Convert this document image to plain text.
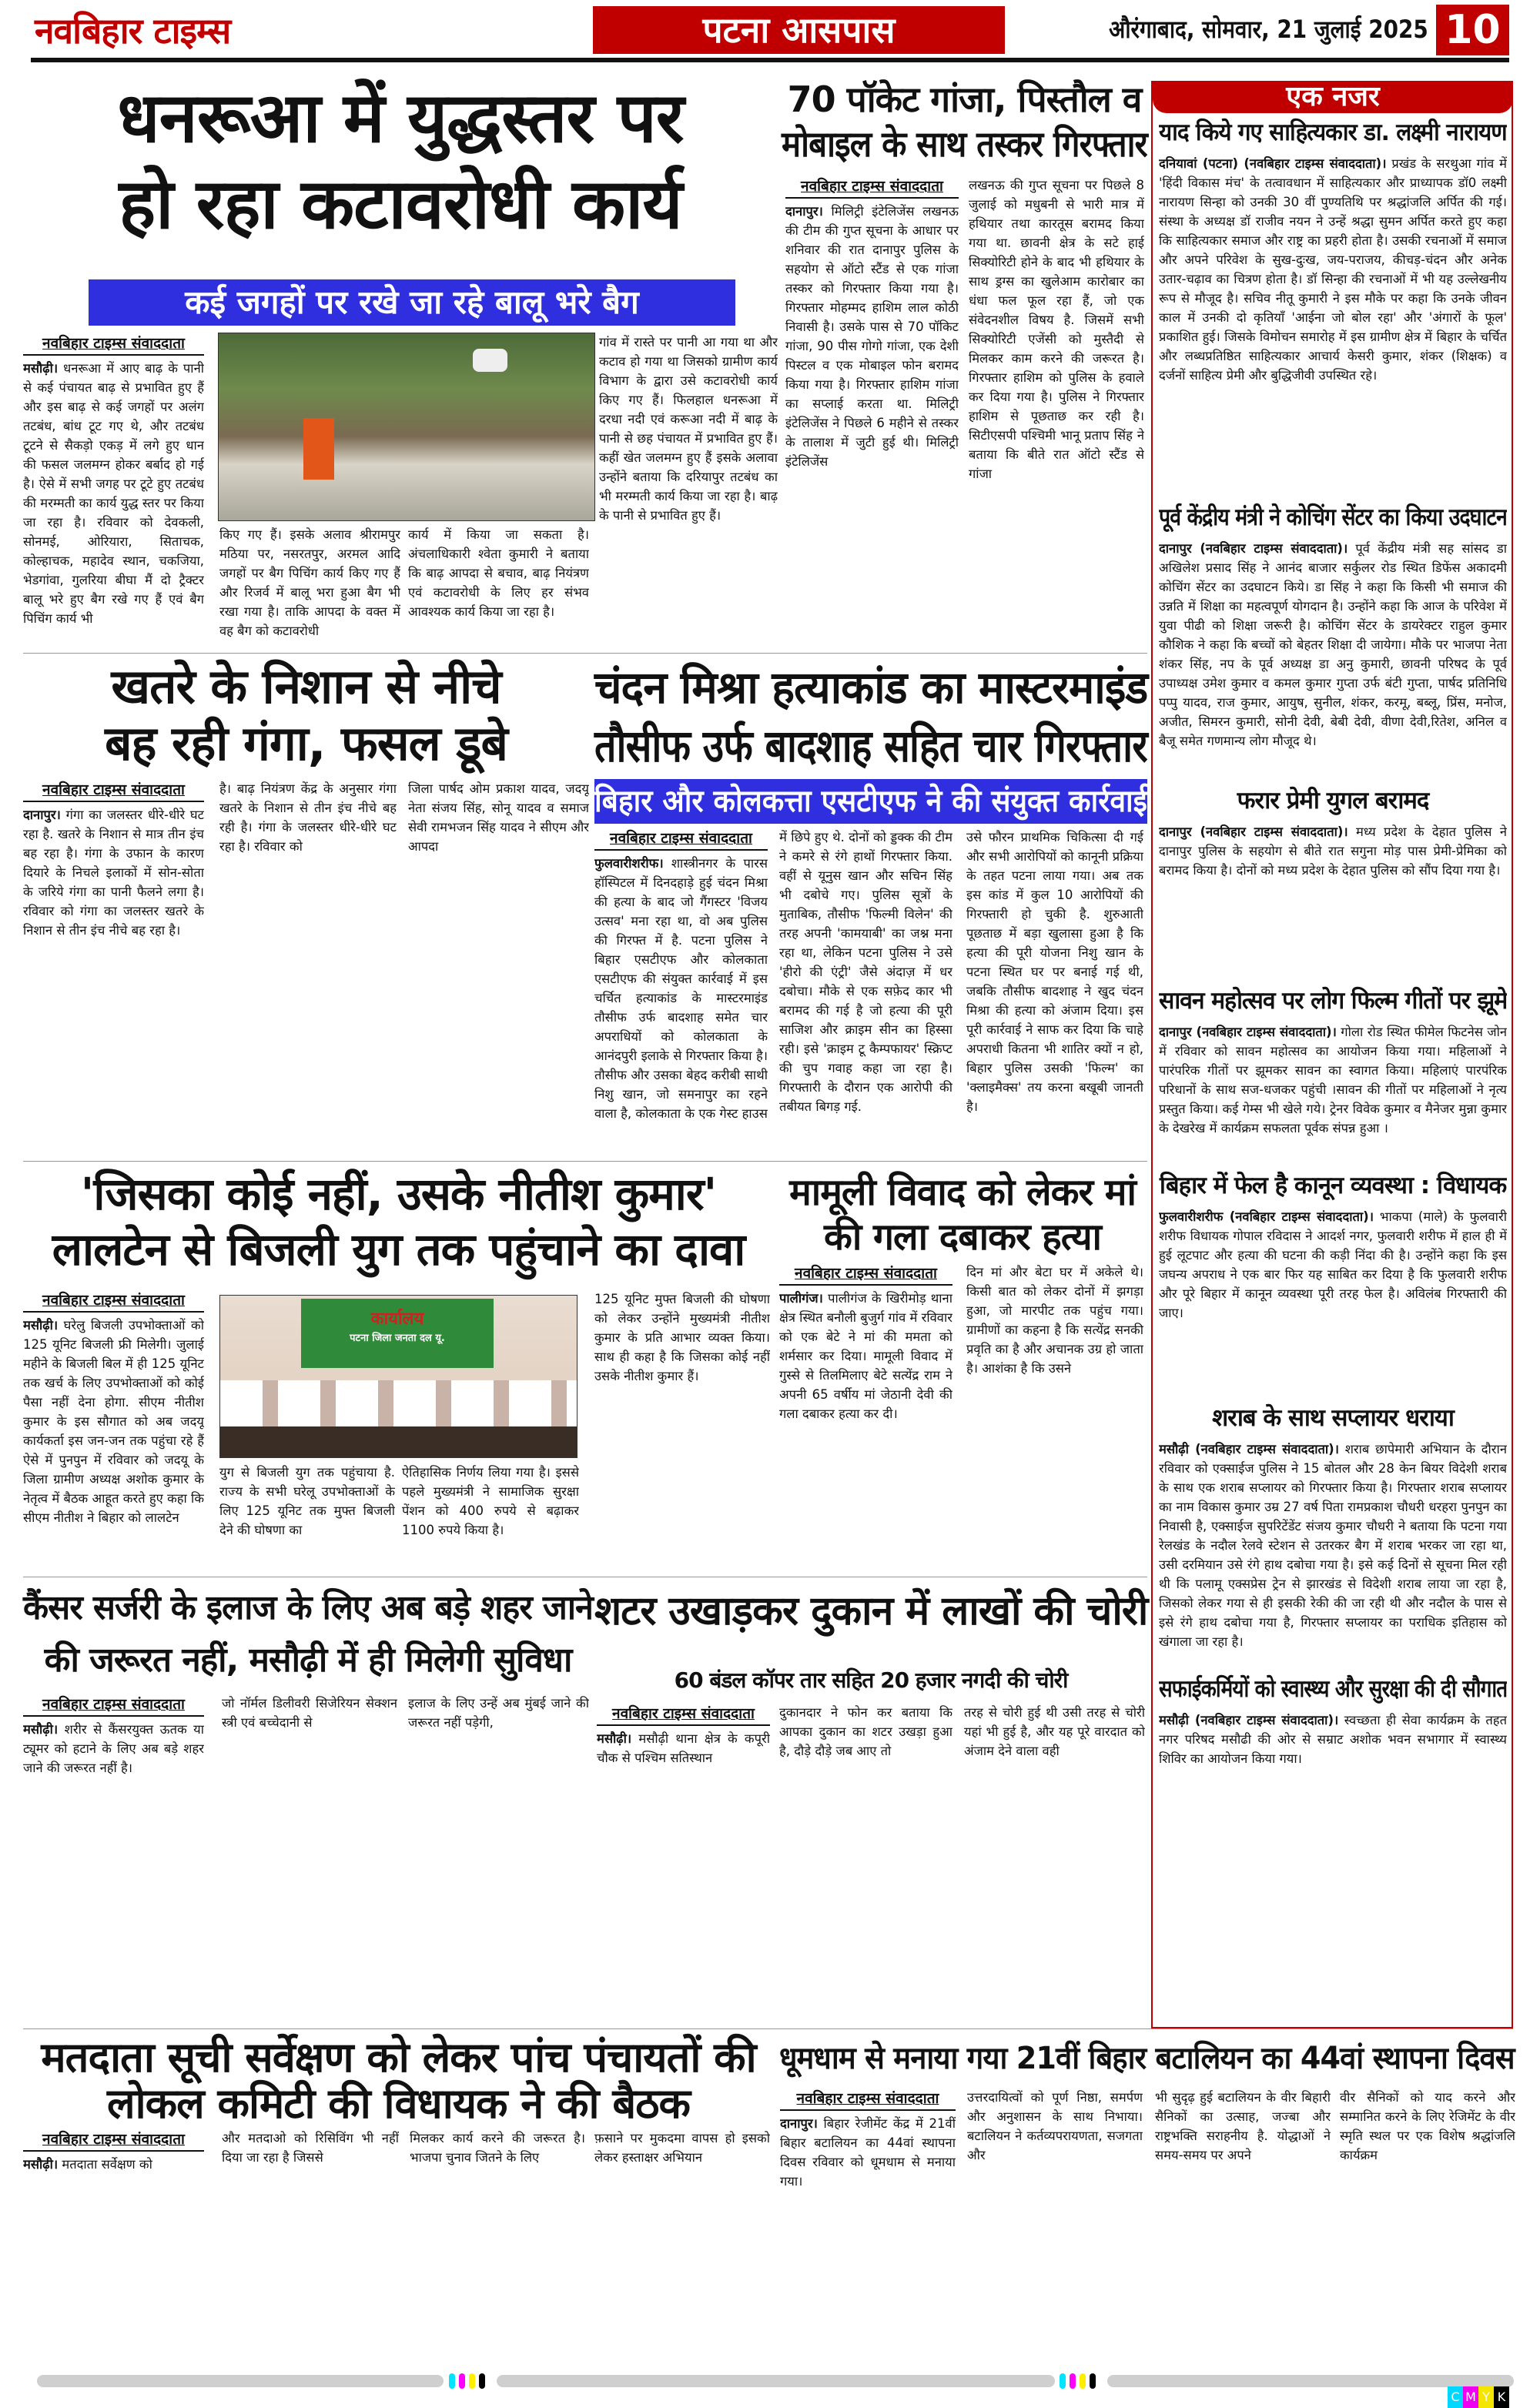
नवबिहार टाइम्स	पटना आसपास	औरंगाबाद, सोमवार, 21 जुलाई 2025 10
धनरूआ में युद्धस्तर पर
हो रहा कटावरोधी कार्य
कई जगहों पर रखे जा रहे बालू भरे बैग
नवबिहार टाइम्स संवाददाता
मसौढ़ी। धनरूआ में आए बाढ़ के पानी से कई पंचायत बाढ़ से प्रभावित हुए हैं और इस बाढ़ से कई जगहों पर अलंग तटबंध, बांध टूट गए थे, और तटबंध टूटने से सैकड़ो एकड़ में लगे हुए धान की फसल जलमग्न होकर बर्बाद हो गई है। ऐसे में सभी जगह पर टूटे हुए तटबंध की मरम्मती का कार्य युद्ध स्तर पर किया जा रहा है। रविवार को देवकली, सोनमई, ओरियारा, सिताचक, कोल्हाचक, महादेव स्थान, चकजिया, भेडगांवा, गुलरिया बीघा मैं दो ट्रैक्टर बालू भरे हुए बैग रखे गए हैं एवं बैग पिचिंग कार्य भी
किए गए हैं। इसके अलाव श्रीरामपुर मठिया पर, नसरतपुर, अरमल आदि जगहों पर बैग पिचिंग कार्य किए गए हैं और रिजर्व में बालू भरा हुआ बैग भी रखा गया है। ताकि आपदा के वक्त में वह बैग को कटावरोधी
कार्य में किया जा सकता है। अंचलाधिकारी श्वेता कुमारी ने बताया कि बाढ़ आपदा से बचाव, बाढ़ नियंत्रण एवं कटावरोधी के लिए हर संभव आवश्यक कार्य किया जा रहा है।
गांव में रास्ते पर पानी आ गया था और कटाव हो गया था जिसको ग्रामीण कार्य विभाग के द्वारा उसे कटावरोधी कार्य किए गए हैं। फिलहाल धनरूआ में दरधा नदी एवं करूआ नदी में बाढ़ के पानी से छह पंचायत में प्रभावित हुए हैं। कहीं खेत जलमग्न हुए हैं इसके अलावा उन्होंने बताया कि दरियापुर तटबंध का भी मरम्मती कार्य किया जा रहा है। बाढ़ के पानी से प्रभावित हुए हैं।
70 पॉकेट गांजा, पिस्तौल व
मोबाइल के साथ तस्कर गिरफ्तार
नवबिहार टाइम्स संवाददाता
दानापुर। मिलिट्री इंटेलिजेंस लखनऊ की टीम की गुप्त सूचना के आधार पर शनिवार की रात दानापुर पुलिस के सहयोग से ऑटो स्टैंड से एक गांजा तस्कर को गिरफ्तार किया गया है। गिरफ्तार मोहम्मद हाशिम लाल कोठी निवासी है। उसके पास से 70 पॉकिट गांजा, 90 पीस गोगो गांजा, एक देशी पिस्टल व एक मोबाइल फोन बरामद किया गया है। गिरफ्तार हाशिम गांजा का सप्लाई करता था. मिलिट्री इंटेलिजेंस ने पिछले 6 महीने से तस्कर के तालाश में जुटी हुई थी। मिलिट्री इंटेलिजेंस
लखनऊ की गुप्त सूचना पर पिछले 8 जुलाई को मधुबनी से भारी मात्र में हथियार तथा कारतूस बरामद किया गया था. छावनी क्षेत्र के सटे हाई सिक्योरिटी होने के बाद भी हथियार के साथ ड्रग्स का खुलेआम कारोबार का धंधा फल फूल रहा हैं, जो एक संवेदनशील विषय है. जिसमें सभी सिक्योरिटी एजेंसी को मुस्तैदी से मिलकर काम करने की जरूरत है। गिरफ्तार हाशिम को पुलिस के हवाले कर दिया गया है। पुलिस ने गिरफ्तार हाशिम से पूछताछ कर रही है। सिटीएसपी पश्चिमी भानू प्रताप सिंह ने बताया कि बीते रात ऑटो स्टैंड से गांजा
खतरे के निशान से नीचे
बह रही गंगा, फसल डूबे
नवबिहार टाइम्स संवाददाता
दानापुर। गंगा का जलस्तर धीरे-धीरे घट रहा है. खतरे के निशान से मात्र तीन इंच बह रहा है। गंगा के उफान के कारण दियारे के निचले इलाकों में सोन-सोता के जरिये गंगा का पानी फैलने लगा है। रविवार को गंगा का जलस्तर खतरे के निशान से तीन इंच नीचे बह रहा है।
है। बाढ़ नियंत्रण केंद्र के अनुसार गंगा खतरे के निशान से तीन इंच नीचे बह रही है। गंगा के जलस्तर धीरे-धीरे घट रहा है। रविवार को
जिला पार्षद ओम प्रकाश यादव, जदयू नेता संजय सिंह, सोनू यादव व समाज सेवी रामभजन सिंह यादव ने सीएम और आपदा
चंदन मिश्रा हत्याकांड का मास्टरमाइंड
तौसीफ उर्फ बादशाह सहित चार गिरफ्तार
बिहार और कोलकत्ता एसटीएफ ने की संयुक्त कार्रवाई
नवबिहार टाइम्स संवाददाता
फुलवारीशरीफ। शास्त्रीनगर के पारस हॉस्पिटल में दिनदहाड़े हुई चंदन मिश्रा की हत्या के बाद जो गैंगस्टर 'विजय उत्सव' मना रहा था, वो अब पुलिस की गिरफ्त में है. पटना पुलिस ने बिहार एसटीएफ और कोलकाता एसटीएफ की संयुक्त कार्रवाई में इस चर्चित हत्याकांड के मास्टरमाइंड तौसीफ उर्फ बादशाह समेत चार अपराधियों को कोलकाता के आनंदपुरी इलाके से गिरफ्तार किया है। तौसीफ और उसका बेहद करीबी साथी निशु खान, जो समनापुर का रहने वाला है, कोलकाता के एक गेस्ट हाउस
में छिपे हुए थे. दोनों को ड्डक्क की टीम ने कमरे से रंगे हाथों गिरफ्तार किया. वहीं से यूनुस खान और सचिन सिंह भी दबोचे गए। पुलिस सूत्रों के मुताबिक, तौसीफ 'फिल्मी विलेन' की तरह अपनी 'कामयाबी' का जश्न मना रहा था, लेकिन पटना पुलिस ने उसे 'हीरो की एंट्री' जैसे अंदाज़ में धर दबोचा। मौके से एक सफ़ेद कार भी बरामद की गई है जो हत्या की पूरी साजिश और क्राइम सीन का हिस्सा रही। इसे 'क्राइम टू कैम्पफायर' स्क्रिप्ट की चुप गवाह कहा जा रहा है। गिरफ्तारी के दौरान एक आरोपी की तबीयत बिगड़ गई.
उसे फौरन प्राथमिक चिकित्सा दी गई और सभी आरोपियों को कानूनी प्रक्रिया के तहत पटना लाया गया। अब तक इस कांड में कुल 10 आरोपियों की गिरफ्तारी हो चुकी है. शुरुआती पूछताछ में बड़ा खुलासा हुआ है कि हत्या की पूरी योजना निशु खान के पटना स्थित घर पर बनाई गई थी, जबकि तौसीफ बादशाह ने खुद चंदन मिश्रा की हत्या को अंजाम दिया। इस पूरी कार्रवाई ने साफ कर दिया कि चाहे अपराधी कितना भी शातिर क्यों न हो, बिहार पुलिस उसकी 'फिल्म' का 'क्लाइमैक्स' तय करना बखूबी जानती है।
'जिसका कोई नहीं, उसके नीतीश कुमार'
लालटेन से बिजली युग तक पहुंचाने का दावा
नवबिहार टाइम्स संवाददाता
मसौढ़ी। घरेलु बिजली उपभोक्ताओं को 125 यूनिट बिजली फ्री मिलेगी। जुलाई महीने के बिजली बिल में ही 125 यूनिट तक खर्च के लिए उपभोक्ताओं को कोई पैसा नहीं देना होगा. सीएम नीतीश कुमार के इस सौगात को अब जदयू कार्यकर्ता इस जन-जन तक पहुंचा रहे हैं ऐसे में पुनपुन में रविवार को जदयू के जिला ग्रामीण अध्यक्ष अशोक कुमार के नेतृत्व में बैठक आहूत करते हुए कहा कि सीएम नीतीश ने बिहार को लालटेन
कार्यालय
पटना जिला जनता दल यू.
युग से बिजली युग तक पहुंचाया है. राज्य के सभी घरेलू उपभोक्ताओं के लिए 125 यूनिट तक मुफ्त बिजली देने की घोषणा का
ऐतिहासिक निर्णय लिया गया है। इससे पहले मुख्यमंत्री ने सामाजिक सुरक्षा पेंशन को 400 रुपये से बढ़ाकर 1100 रुपये किया है।
125 यूनिट मुफ्त बिजली की घोषणा को लेकर उन्होंने मुख्यमंत्री नीतीश कुमार के प्रति आभार व्यक्त किया। साथ ही कहा है कि जिसका कोई नहीं उसके नीतीश कुमार हैं।
मामूली विवाद को लेकर मां
की गला दबाकर हत्या
नवबिहार टाइम्स संवाददाता
पालीगंज। पालीगंज के खिरीमोड़ थाना क्षेत्र स्थित बनौली बुजुर्ग गांव में रविवार को एक बेटे ने मां की ममता को शर्मसार कर दिया। मामूली विवाद में गुस्से से तिलमिलाए बेटे सत्येंद्र राम ने अपनी 65 वर्षीय मां जेठानी देवी की गला दबाकर हत्या कर दी।
दिन मां और बेटा घर में अकेले थे। किसी बात को लेकर दोनों में झगड़ा हुआ, जो मारपीट तक पहुंच गया। ग्रामीणों का कहना है कि सत्येंद्र सनकी प्रवृति का है और अचानक उग्र हो जाता है। आशंका है कि उसने
कैंसर सर्जरी के इलाज के लिए अब बड़े शहर जाने
की जरूरत नहीं, मसौढ़ी में ही मिलेगी सुविधा
नवबिहार टाइम्स संवाददाता
मसौढ़ी। शरीर से कैंसरयुक्त ऊतक या ट्यूमर को हटाने के लिए अब बड़े शहर जाने की जरूरत नहीं है।
जो नॉर्मल डिलीवरी सिजेरियन सेक्शन स्त्री एवं बच्चेदानी से
इलाज के लिए उन्हें अब मुंबई जाने की जरूरत नहीं पड़ेगी,
शटर उखाड़कर दुकान में लाखों की चोरी
60 बंडल कॉपर तार सहित 20 हजार नगदी की चोरी
नवबिहार टाइम्स संवाददाता
मसौढ़ी। मसौढ़ी थाना क्षेत्र के कपूरी चौक से पश्चिम सतिस्थान
दुकानदार ने फोन कर बताया कि आपका दुकान का शटर उखड़ा हुआ है, दौड़े दौड़े जब आए तो
तरह से चोरी हुई थी उसी तरह से चोरी यहां भी हुई है, और यह पूरे वारदात को अंजाम देने वाला वही
एक नजर
याद किये गए साहित्यकार डा. लक्ष्मी नारायण

दनियावां (पटना) (नवबिहार टाइम्स संवाददाता)। प्रखंड के सरथुआ गांव में 'हिंदी विकास मंच' के तत्वावधान में साहित्यकार और प्राध्यापक डॉ0 लक्ष्मी नारायण सिन्हा को उनकी 30 वीं पुण्यतिथि पर श्रद्धांजलि अर्पित की गई।संस्था के अध्यक्ष डॉ राजीव नयन ने उन्हें श्रद्धा सुमन अर्पित करते हुए कहा कि साहित्यकार समाज और राष्ट्र का प्रहरी होता है। उसकी रचनाओं में समाज और अपने परिवेश के सुख-दुःख, जय-पराजय, कीचड़-चंदन और अनेक उतार-चढ़ाव का चित्रण होता है। डॉ सिन्हा की रचनाओं में भी यह उल्लेखनीय रूप से मौजूद है। सचिव नीतू कुमारी ने इस मौके पर कहा कि उनके जीवन काल में उनकी दो कृतियाँ 'आईना जो बोल रहा' और 'अंगारों के फूल' प्रकाशित हुई। जिसके विमोचन समारोह में इस ग्रामीण क्षेत्र में बिहार के चर्चित और लब्धप्रतिष्ठित साहित्यकार आचार्य केसरी कुमार, शंकर (शिक्षक) व दर्जनों साहित्य प्रेमी और बुद्धिजीवी उपस्थित रहे।

पूर्व केंद्रीय मंत्री ने कोचिंग सेंटर का किया उदघाटन

दानापुर (नवबिहार टाइम्स संवाददाता)। पूर्व केंद्रीय मंत्री सह सांसद डा अखिलेश प्रसाद सिंह ने आनंद बाजार सर्कुलर रोड स्थित डिफेंस अकादमी कोचिंग सेंटर का उदघाटन किये। डा सिंह ने कहा कि किसी भी समाज की उन्नति में शिक्षा का महत्वपूर्ण योगदान है। उन्होंने कहा कि आज के परिवेश में युवा पीढी को शिक्षा जरूरी है। कोचिंग सेंटर के डायरेक्टर राहुल कुमार कौशिक ने कहा कि बच्चों को बेहतर शिक्षा दी जायेगा। मौके पर भाजपा नेता शंकर सिंह, नप के पूर्व अध्यक्ष डा अनु कुमारी, छावनी परिषद के पूर्व उपाध्यक्ष उमेश कुमार व कमल कुमार गुप्ता उर्फ बंटी गुप्ता, पार्षद प्रतिनिधि पप्पु यादव, राज कुमार, आयुष, सुनील, शंकर, करमू, बब्लू, प्रिंस, मनोज, अजीत, सिमरन कुमारी, सोनी देवी, बेबी देवी, वीणा देवी,रितेश, अनिल व बैजू समेत गणमान्य लोग मौजूद थे।

फरार प्रेमी युगल बरामद

दानापुर (नवबिहार टाइम्स संवाददाता)। मध्य प्रदेश के देहात पुलिस ने दानापुर पुलिस के सहयोग से बीते रात सगुना मोड़ पास प्रेमी-प्रेमिका को बरामद किया है। दोनों को मध्य प्रदेश के देहात पुलिस को सौंप दिया गया है।

सावन महोत्सव पर लोग फिल्म गीतों पर झूमे

दानापुर (नवबिहार टाइम्स संवाददाता)। गोला रोड स्थित फीमेल फिटनेस जोन में रविवार को सावन महोत्सव का आयोजन किया गया। महिलाओं ने पारंपरिक गीतों पर झूमकर सावन का स्वागत किया। महिलाएं पारपंरिक परिधानों के साथ सज-धजकर पहुंची ।सावन की गीतों पर महिलाओं ने नृत्य प्रस्तुत किया। कई गेम्स भी खेले गये। ट्रेनर विवेक कुमार व मैनेजर मुन्ना कुमार के देखरेख में कार्यक्रम सफलता पूर्वक संपन्न हुआ ।

बिहार में फेल है कानून व्यवस्था : विधायक

फुलवारीशरीफ (नवबिहार टाइम्स संवाददाता)। भाकपा (माले) के फुलवारी शरीफ विधायक गोपाल रविदास ने आदर्श नगर, फुलवारी शरीफ में हाल ही में हुई लूटपाट और हत्या की घटना की कड़ी निंदा की है। उन्होंने कहा कि इस जघन्य अपराध ने एक बार फिर यह साबित कर दिया है कि फुलवारी शरीफ और पूरे बिहार में कानून व्यवस्था पूरी तरह फेल है। अविलंब गिरफ्तारी की जाए।

शराब के साथ सप्लायर धराया

मसौढ़ी (नवबिहार टाइम्स संवाददाता)। शराब छापेमारी अभियान के दौरान रविवार को एक्साईज पुलिस ने 15 बोतल और 28 केन बियर विदेशी शराब के साथ एक शराब सप्लायर को गिरफ्तार किया है। गिरफ्तार शराब सप्लायर का नाम विकास कुमार उम्र 27 वर्ष पिता रामप्रकाश चौधरी धरहरा पुनपुन का निवासी है, एक्साईज सुपरिटेंडेंट संजय कुमार चौधरी ने बताया कि पटना गया रेलखंड के नदौल रेलवे स्टेशन से उतरकर बैग में शराब भरकर जा रहा था, उसी दरमियान उसे रंगे हाथ दबोचा गया है। इसे कई दिनों से सूचना मिल रही थी कि पलामू एक्सप्रेस ट्रेन से झारखंड से विदेशी शराब लाया जा रहा है, जिसको लेकर गया से ही इसकी रेकी की जा रही थी और नदौल के पास से इसे रंगे हाथ दबोचा गया है, गिरफ्तार सप्लायर का पराधिक इतिहास को खंगाला जा रहा है।

सफाईकर्मियों को स्वास्थ्य और सुरक्षा की दी सौगात

मसौढ़ी (नवबिहार टाइम्स संवाददाता)। स्वच्छता ही सेवा कार्यक्रम के तहत नगर परिषद मसौढी की ओर से सम्राट अशोक भवन सभागार में स्वास्थ्य शिविर का आयोजन किया गया।

मतदाता सूची सर्वेक्षण को लेकर पांच पंचायतों की
लोकल कमिटी की विधायक ने की बैठक
नवबिहार टाइम्स संवाददाता
मसौढ़ी। मतदाता सर्वेक्षण को
और मतदाओ को रिसिविंग भी नहीं दिया जा रहा है जिससे
मिलकर कार्य करने की जरूरत है। भाजपा चुनाव जितने के लिए
फ़साने पर मुकदमा वापस हो इसको लेकर हस्ताक्षर अभियान
धूमधाम से मनाया गया 21वीं बिहार बटालियन का 44वां स्थापना दिवस
नवबिहार टाइम्स संवाददाता
दानापुर। बिहार रेजीमेंट केंद्र में 21वीं बिहार बटालियन का 44वां स्थापना दिवस रविवार को धूमधाम से मनाया गया।
उत्तरदायित्वों को पूर्ण निष्ठा, समर्पण और अनुशासन के साथ निभाया। बटालियन ने कर्तव्यपरायणता, सजगता और
भी सुदृढ़ हुई बटालियन के वीर बिहारी सैनिकों का उत्साह, जज्बा और राष्ट्रभक्ति सराहनीय है. योद्धाओं ने समय-समय पर अपने
वीर सैनिकों को याद करने और सम्मानित करने के लिए रेजिमेंट के वीर स्मृति स्थल पर एक विशेष श्रद्धांजलि कार्यक्रम
C M Y K
